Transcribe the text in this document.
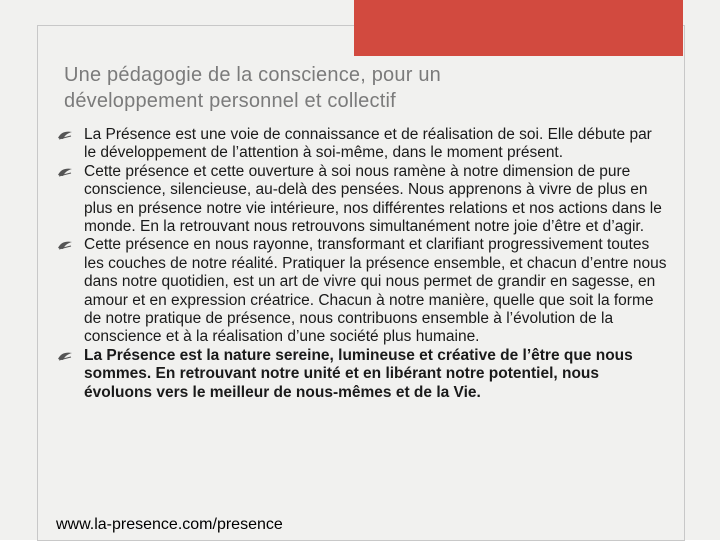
Une pédagogie de la conscience, pour un
développement personnel et collectif
La Présence est une voie de connaissance et de réalisation de soi. Elle débute par le développement de l’attention à soi-même, dans le moment présent.
Cette présence et cette ouverture à soi nous ramène à notre dimension de pure conscience, silencieuse, au-delà des pensées. Nous apprenons à vivre de plus en plus en présence notre vie intérieure, nos différentes relations et nos actions dans le monde. En la retrouvant nous retrouvons simultanément notre joie d’être et d’agir.
Cette présence en nous rayonne, transformant et clarifiant progressivement toutes les couches de notre réalité. Pratiquer la présence ensemble, et chacun d’entre nous dans notre quotidien, est un art de vivre qui nous permet de grandir en sagesse, en amour et en expression créatrice. Chacun à notre manière, quelle que soit la forme de notre pratique de présence, nous contribuons ensemble à l’évolution de la conscience et à la réalisation d’une société plus humaine.
La Présence est la nature sereine, lumineuse et créative de l’être que nous sommes. En retrouvant notre unité et en libérant notre potentiel, nous évoluons vers le meilleur de nous-mêmes et de la Vie.
www.la-presence.com/presence
